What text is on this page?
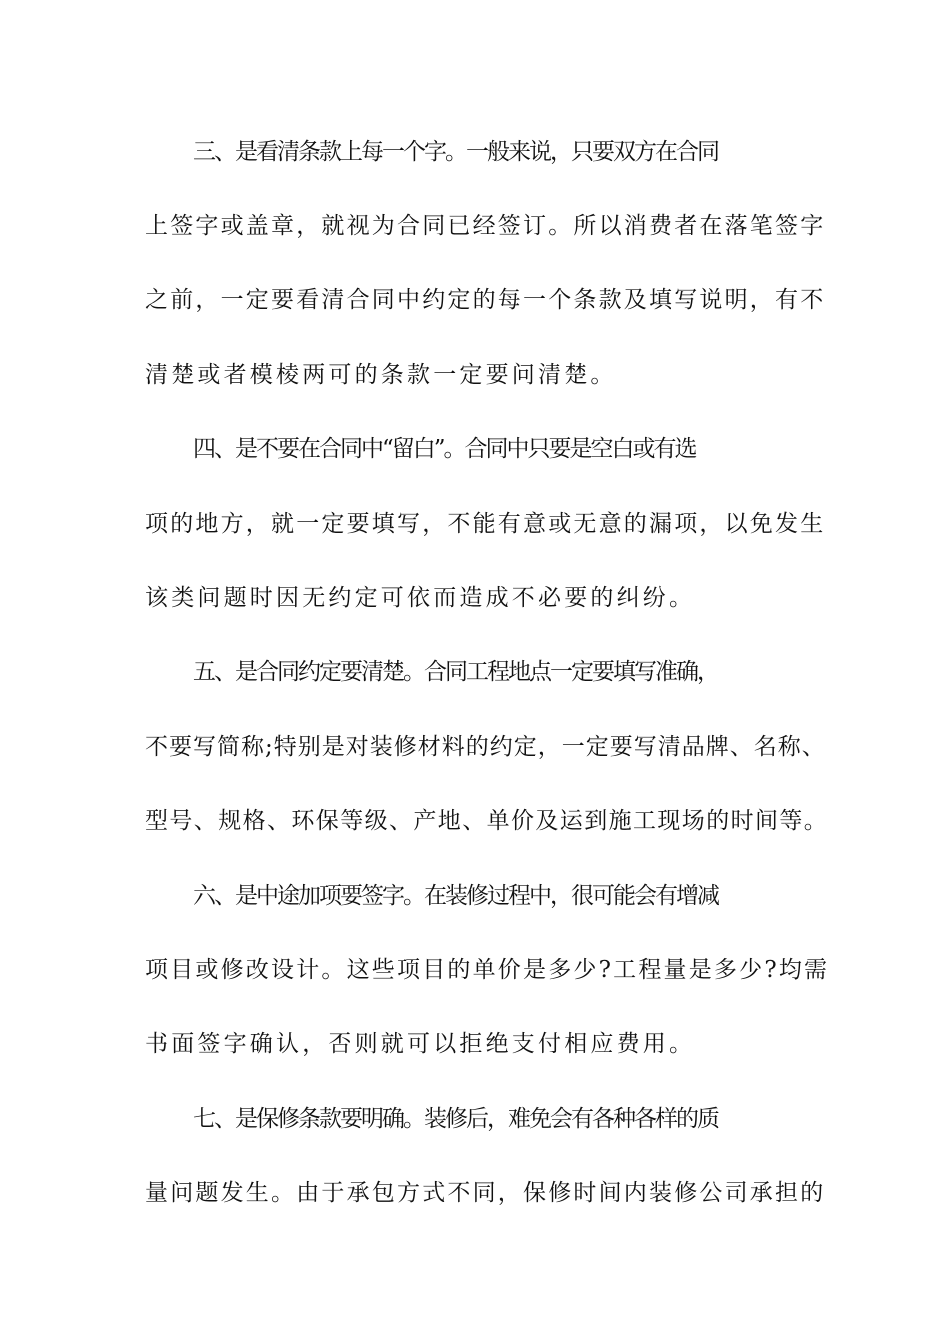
三、是看清条款上每一个字。一般来说，只要双方在合同
上签字或盖章，就视为合同已经签订。所以消费者在落笔签字
之前，一定要看清合同中约定的每一个条款及填写说明，有不
清楚或者模棱两可的条款一定要问清楚。
四、是不要在合同中“留白”。合同中只要是空白或有选
项的地方，就一定要填写，不能有意或无意的漏项，以免发生
该类问题时因无约定可依而造成不必要的纠纷。
五、是合同约定要清楚。合同工程地点一定要填写准确，
不要写简称;特别是对装修材料的约定，一定要写清品牌、名称、
型号、规格、环保等级、产地、单价及运到施工现场的时间等。
六、是中途加项要签字。在装修过程中，很可能会有增减
项目或修改设计。这些项目的单价是多少?工程量是多少?均需
书面签字确认，否则就可以拒绝支付相应费用。
七、是保修条款要明确。装修后，难免会有各种各样的质
量问题发生。由于承包方式不同，保修时间内装修公司承担的
